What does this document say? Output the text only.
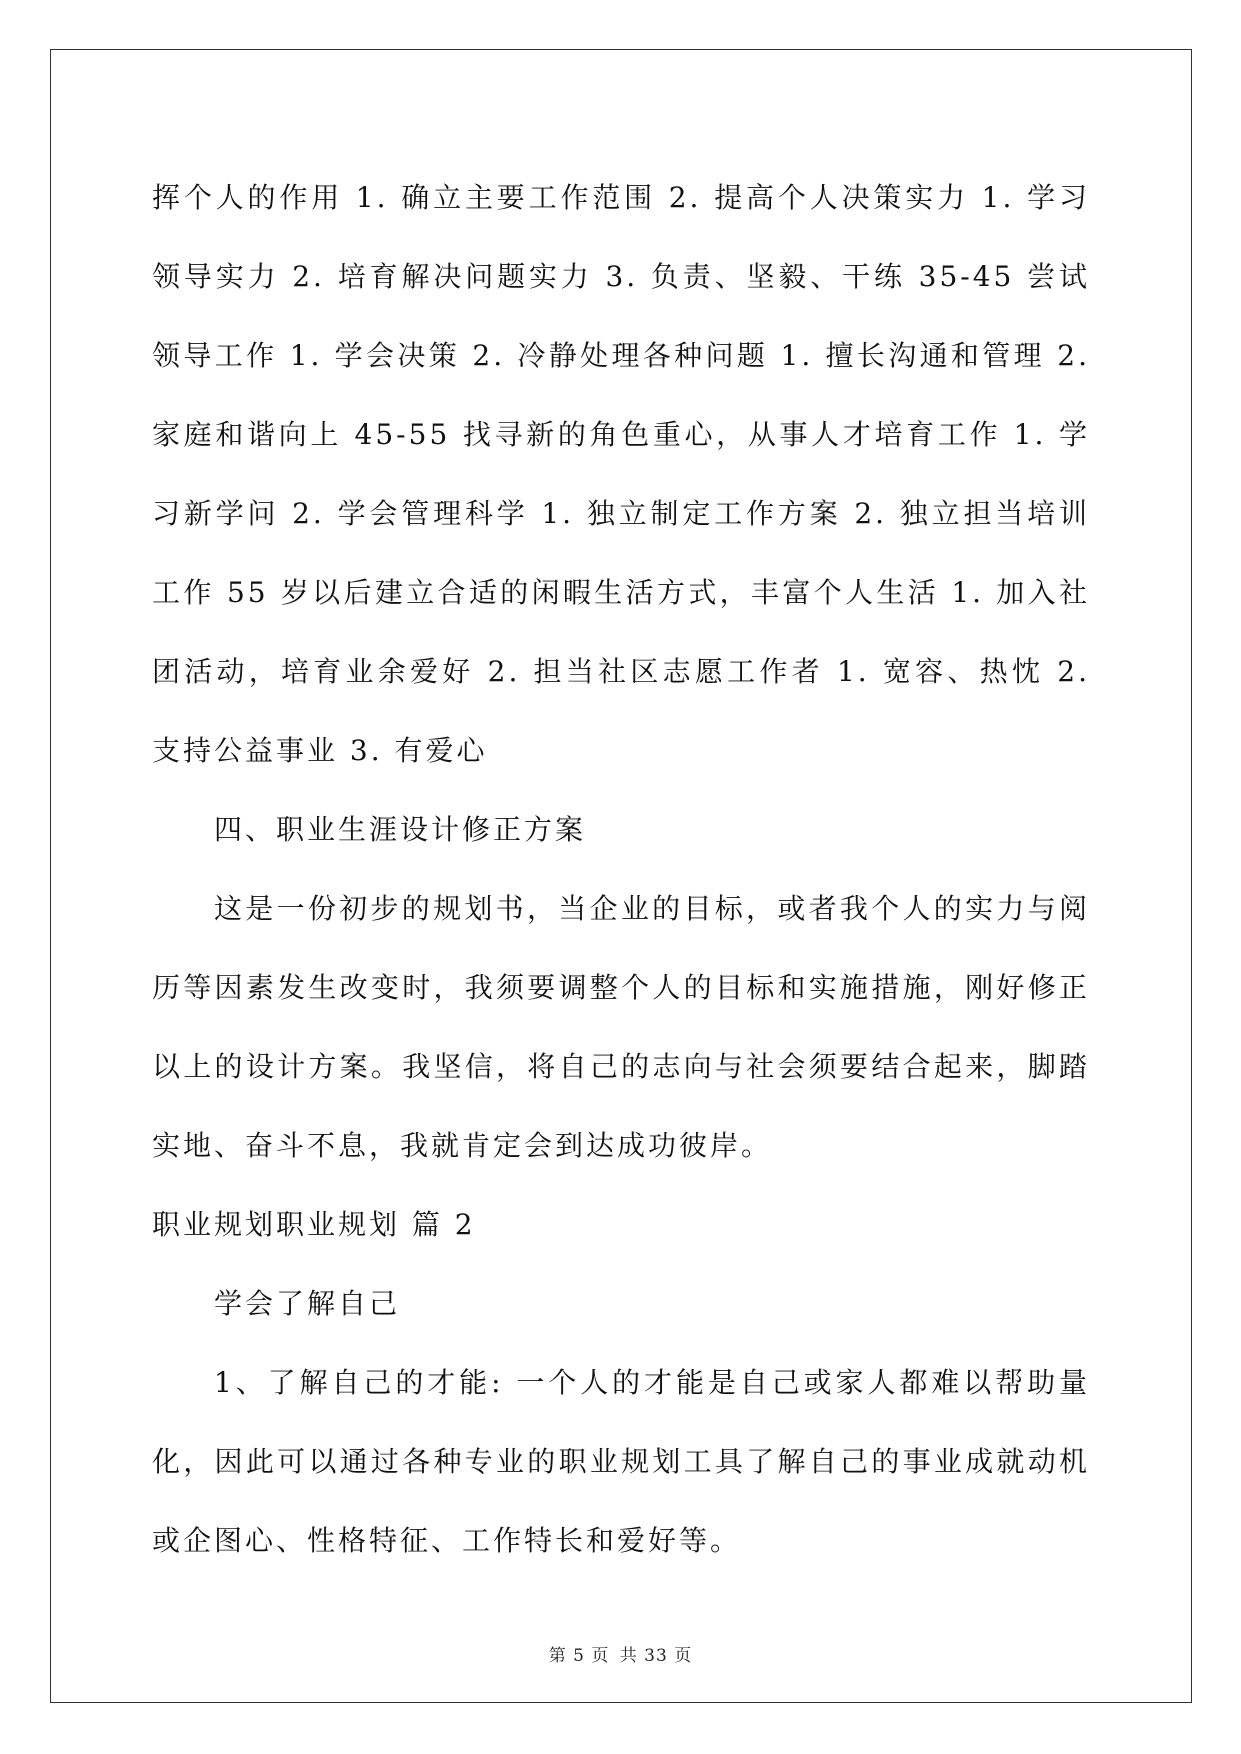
挥个人的作用 1. 确立主要工作范围 2. 提高个人决策实力 1. 学习领导实力 2. 培育解决问题实力 3. 负责、坚毅、干练 35-45 尝试领导工作 1. 学会决策 2. 冷静处理各种问题 1. 擅长沟通和管理 2. 家庭和谐向上 45-55 找寻新的角色重心，从事人才培育工作 1. 学习新学问 2. 学会管理科学 1. 独立制定工作方案 2. 独立担当培训工作 55 岁以后建立合适的闲暇生活方式，丰富个人生活 1. 加入社团活动，培育业余爱好 2. 担当社区志愿工作者 1. 宽容、热忱 2. 支持公益事业 3. 有爱心

四、职业生涯设计修正方案

这是一份初步的规划书，当企业的目标，或者我个人的实力与阅历等因素发生改变时，我须要调整个人的目标和实施措施，刚好修正以上的设计方案。我坚信，将自己的志向与社会须要结合起来，脚踏实地、奋斗不息，我就肯定会到达成功彼岸。

职业规划职业规划 篇 2

学会了解自己

1、了解自己的才能: 一个人的才能是自己或家人都难以帮助量化，因此可以通过各种专业的职业规划工具了解自己的事业成就动机或企图心、性格特征、工作特长和爱好等。

第 5 页 共 33 页
